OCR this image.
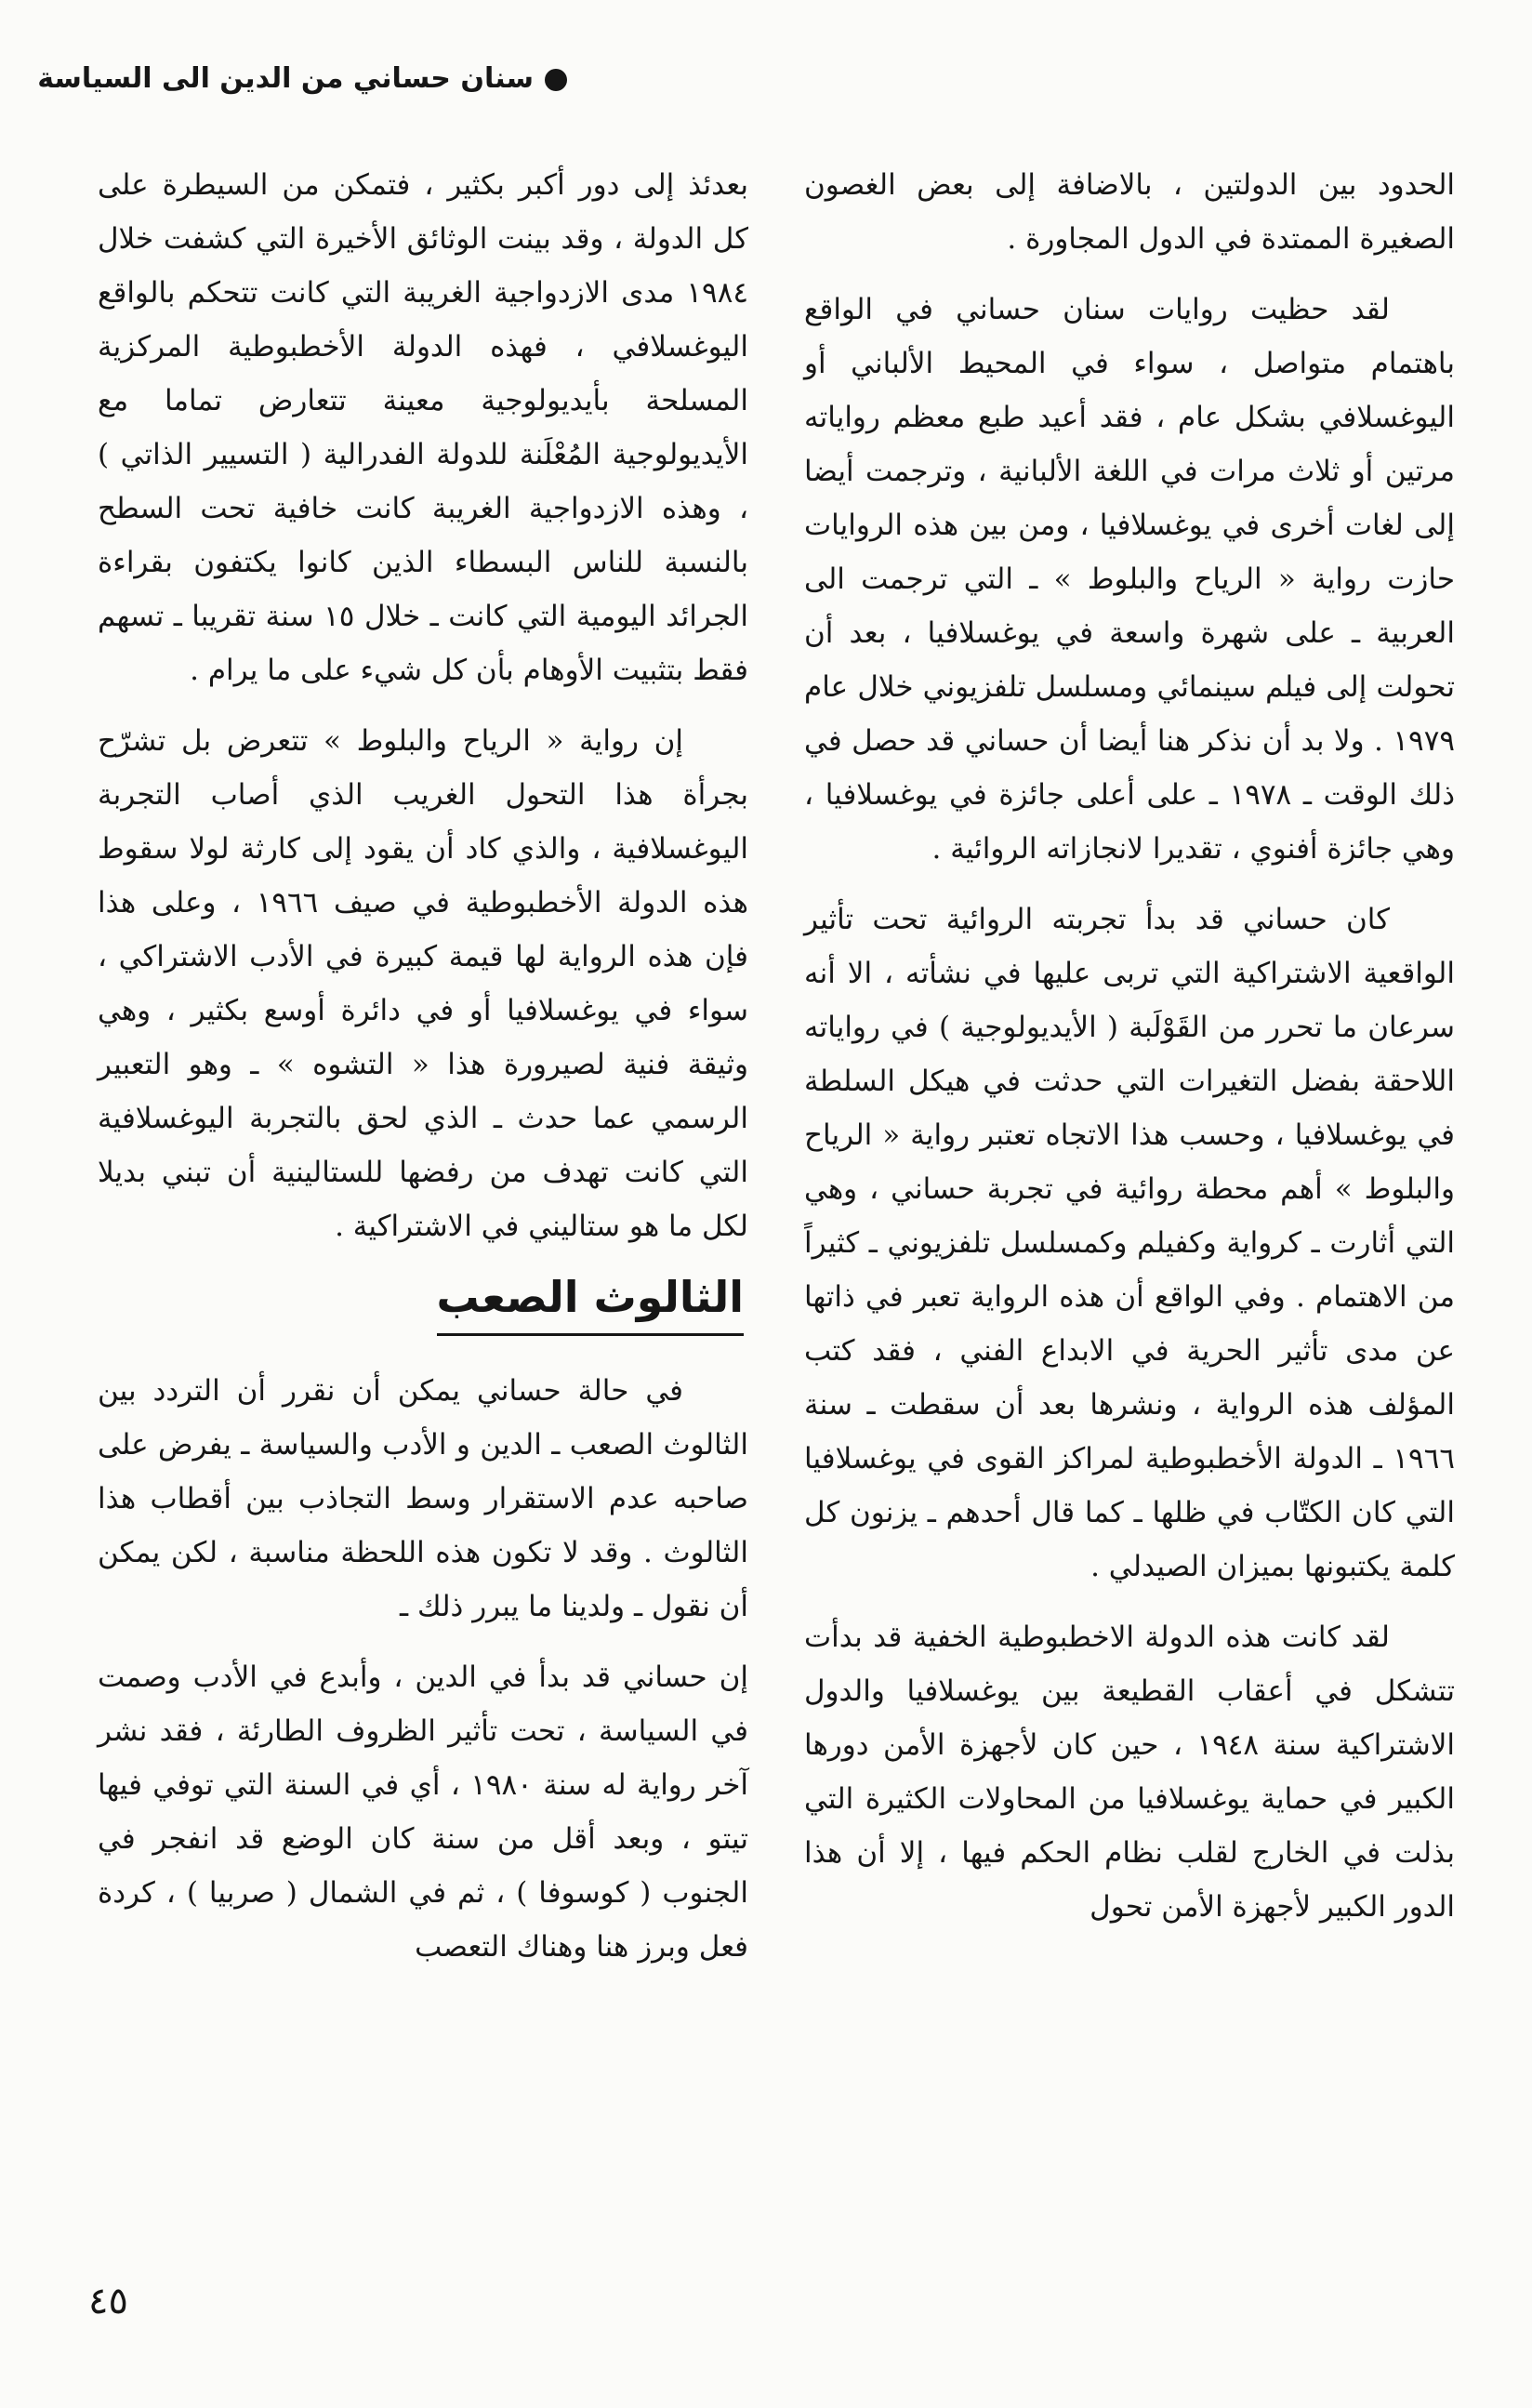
سنان حساني من الدين الى السياسة

الحدود بين الدولتين ، بالاضافة إلى بعض الغصون الصغيرة الممتدة في الدول المجاورة .

لقد حظيت روايات سنان حساني في الواقع باهتمام متواصل ، سواء في المحيط الألباني أو اليوغسلافي بشكل عام ، فقد أعيد طبع معظم رواياته مرتين أو ثلاث مرات في اللغة الألبانية ، وترجمت أيضا إلى لغات أخرى في يوغسلافيا ، ومن بين هذه الروايات حازت رواية « الرياح والبلوط » ـ التي ترجمت الى العربية ـ على شهرة واسعة في يوغسلافيا ، بعد أن تحولت إلى فيلم سينمائي ومسلسل تلفزيوني خلال عام ١٩٧٩ . ولا بد أن نذكر هنا أيضا أن حساني قد حصل في ذلك الوقت ـ ١٩٧٨ ـ على أعلى جائزة في يوغسلافيا ، وهي جائزة أفنوي ، تقديرا لانجازاته الروائية .

كان حساني قد بدأ تجربته الروائية تحت تأثير الواقعية الاشتراكية التي تربى عليها في نشأته ، الا أنه سرعان ما تحرر من القَوْلَبة ( الأيديولوجية ) في رواياته اللاحقة بفضل التغيرات التي حدثت في هيكل السلطة في يوغسلافيا ، وحسب هذا الاتجاه تعتبر رواية « الرياح والبلوط » أهم محطة روائية في تجربة حساني ، وهي التي أثارت ـ كرواية وكفيلم وكمسلسل تلفزيوني ـ كثيراً من الاهتمام . وفي الواقع أن هذه الرواية تعبر في ذاتها عن مدى تأثير الحرية في الابداع الفني ، فقد كتب المؤلف هذه الرواية ، ونشرها بعد أن سقطت ـ سنة ١٩٦٦ ـ الدولة الأخطبوطية لمراكز القوى في يوغسلافيا التي كان الكتّاب في ظلها ـ كما قال أحدهم ـ يزنون كل كلمة يكتبونها بميزان الصيدلي .

لقد كانت هذه الدولة الاخطبوطية الخفية قد بدأت تتشكل في أعقاب القطيعة بين يوغسلافيا والدول الاشتراكية سنة ١٩٤٨ ، حين كان لأجهزة الأمن دورها الكبير في حماية يوغسلافيا من المحاولات الكثيرة التي بذلت في الخارج لقلب نظام الحكم فيها ، إلا أن هذا الدور الكبير لأجهزة الأمن تحول

بعدئذ إلى دور أكبر بكثير ، فتمكن من السيطرة على كل الدولة ، وقد بينت الوثائق الأخيرة التي كشفت خلال ١٩٨٤ مدى الازدواجية الغريبة التي كانت تتحكم بالواقع اليوغسلافي ، فهذه الدولة الأخطبوطية المركزية المسلحة بأيديولوجية معينة تتعارض تماما مع الأيديولوجية المُعْلَنة للدولة الفدرالية ( التسيير الذاتي ) ، وهذه الازدواجية الغريبة كانت خافية تحت السطح بالنسبة للناس البسطاء الذين كانوا يكتفون بقراءة الجرائد اليومية التي كانت ـ خلال ١٥ سنة تقريبا ـ تسهم فقط بتثبيت الأوهام بأن كل شيء على ما يرام .

إن رواية « الرياح والبلوط » تتعرض بل تشرّح بجرأة هذا التحول الغريب الذي أصاب التجربة اليوغسلافية ، والذي كاد أن يقود إلى كارثة لولا سقوط هذه الدولة الأخطبوطية في صيف ١٩٦٦ ، وعلى هذا فإن هذه الرواية لها قيمة كبيرة في الأدب الاشتراكي ، سواء في يوغسلافيا أو في دائرة أوسع بكثير ، وهي وثيقة فنية لصيرورة هذا « التشوه » ـ وهو التعبير الرسمي عما حدث ـ الذي لحق بالتجربة اليوغسلافية التي كانت تهدف من رفضها للستالينية أن تبني بديلا لكل ما هو ستاليني في الاشتراكية .

الثالوث الصعب

في حالة حساني يمكن أن نقرر أن التردد بين الثالوث الصعب ـ الدين و الأدب والسياسة ـ يفرض على صاحبه عدم الاستقرار وسط التجاذب بين أقطاب هذا الثالوث . وقد لا تكون هذه اللحظة مناسبة ، لكن يمكن أن نقول ـ ولدينا ما يبرر ذلك ـ

إن حساني قد بدأ في الدين ، وأبدع في الأدب وصمت في السياسة ، تحت تأثير الظروف الطارئة ، فقد نشر آخر رواية له سنة ١٩٨٠ ، أي في السنة التي توفي فيها تيتو ، وبعد أقل من سنة كان الوضع قد انفجر في الجنوب ( كوسوفا ) ، ثم في الشمال ( صربيا ) ، كردة فعل وبرز هنا وهناك التعصب

٤٥
